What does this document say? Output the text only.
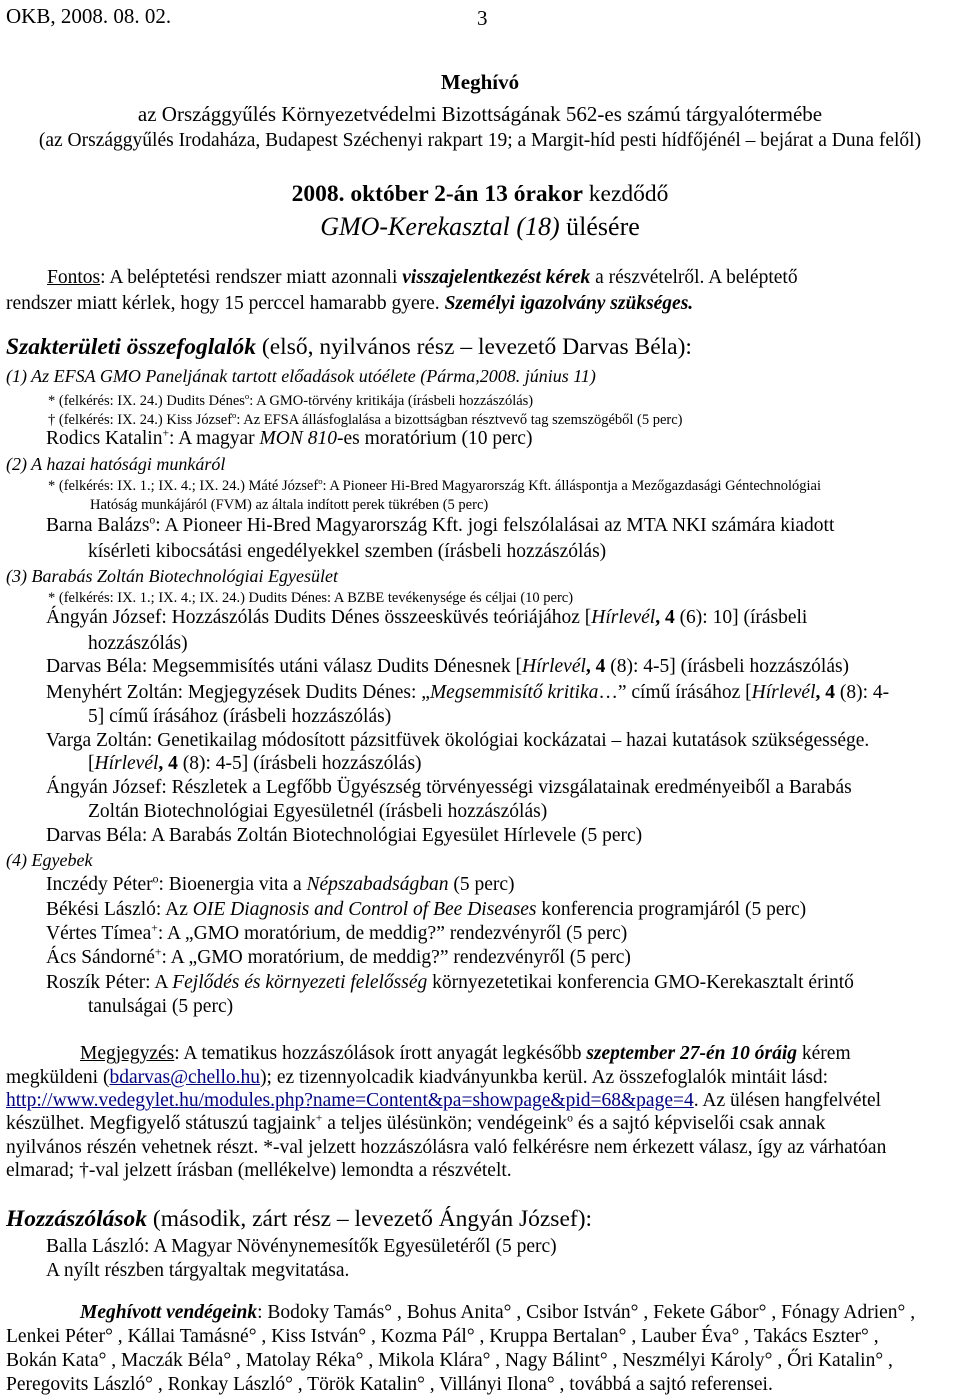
OKB, 2008. 08. 02.	3
Meghívó
az Országgyűlés Környezetvédelmi Bizottságának 562-es számú tárgyalótermébe
(az Országgyűlés Irodaháza, Budapest Széchenyi rakpart 19; a Margit-híd pesti hídfőjénél – bejárat a Duna felől)
2008. október 2-án 13 órakor kezdődő
GMO-Kerekasztal (18) ülésére
Fontos: A beléptetési rendszer miatt azonnali visszajelentkezést kérek a részvételről. A beléptető
rendszer miatt kérlek, hogy 15 perccel hamarabb gyere. Személyi igazolvány szükséges.
Szakterületi összefoglalók (első, nyilvános rész – levezető Darvas Béla):
(1) Az EFSA GMO Paneljának tartott előadások utóélete (Párma,2008. június 11)
* (felkérés: IX. 24.) Dudits Dénes$^o$: A GMO-törvény kritikája (írásbeli hozzászólás)
† (felkérés: IX. 24.) Kiss József$^o$: Az EFSA állásfoglalása a bizottságban résztvevő tag szemszögéből (5 perc)
Rodics Katalin+: A magyar MON 810-es moratórium (10 perc)
(2) A hazai hatósági munkáról
* (felkérés: IX. 1.; IX. 4.; IX. 24.) Máté József$^o$: A Pioneer Hi-Bred Magyarország Kft. álláspontja a Mezőgazdasági Géntechnológiai
Hatóság munkájáról (FVM) az általa indított perek tükrében (5 perc)
Barna Balázs$^o$: A Pioneer Hi-Bred Magyarország Kft. jogi felszólalásai az MTA NKI számára kiadott
kísérleti kibocsátási engedélyekkel szemben (írásbeli hozzászólás)
(3) Barabás Zoltán Biotechnológiai Egyesület
* (felkérés: IX. 1.; IX. 4.; IX. 24.) Dudits Dénes: A BZBE tevékenysége és céljai (10 perc)
Ángyán József: Hozzászólás Dudits Dénes összeesküvés teóriájához [Hírlevél, 4 (6): 10] (írásbeli
hozzászólás)
Darvas Béla: Megsemmisítés utáni válasz Dudits Dénesnek [Hírlevél, 4 (8): 4-5] (írásbeli hozzászólás)
Menyhért Zoltán: Megjegyzések Dudits Dénes: „Megsemmisítő kritika…” című írásához [Hírlevél, 4 (8): 4-
5] című írásához (írásbeli hozzászólás)
Varga Zoltán: Genetikailag módosított pázsitfüvek ökológiai kockázatai – hazai kutatások szükségessége.
[Hírlevél, 4 (8): 4-5] (írásbeli hozzászólás)
Ángyán József: Részletek a Legfőbb Ügyészség törvényességi vizsgálatainak eredményeiből a Barabás
Zoltán Biotechnológiai Egyesületnél (írásbeli hozzászólás)
Darvas Béla: A Barabás Zoltán Biotechnológiai Egyesület Hírlevele (5 perc)
(4) Egyebek
Inczédy Péter$^o$: Bioenergia vita a Népszabadságban (5 perc)
Békési László: Az OIE Diagnosis and Control of Bee Diseases konferencia programjáról (5 perc)
Vértes Tímea+: A „GMO moratórium, de meddig?” rendezvényről (5 perc)
Ács Sándorné+: A „GMO moratórium, de meddig?” rendezvényről (5 perc)
Roszík Péter: A Fejlődés és környezeti felelősség környezetetikai konferencia GMO-Kerekasztalt érintő
tanulságai (5 perc)
Megjegyzés: A tematikus hozzászólások írott anyagát legkésőbb szeptember 27-én 10 óráig kérem
megküldeni (bdarvas@chello.hu); ez tizennyolcadik kiadványunkba kerül. Az összefoglalók mintáit lásd:
http://www.vedegylet.hu/modules.php?name=Content&pa=showpage&pid=68&page=4. Az ülésen hangfelvétel
készülhet. Megfigyelő státuszú tagjaink+ a teljes ülésünkön; vendégeink$^o$ és a sajtó képviselői csak annak
nyilvános részén vehetnek részt. *-val jelzett hozzászólásra való felkérésre nem érkezett válasz, így az várhatóan
elmarad; †-val jelzett írásban (mellékelve) lemondta a részvételt.
Hozzászólások (második, zárt rész – levezető Ángyán József):
Balla László: A Magyar Növénynemesítők Egyesületéről (5 perc)
A nyílt részben tárgyaltak megvitatása.
Meghívott vendégeink: Bodoky Tamás° , Bohus Anita° , Csibor István° , Fekete Gábor° , Fónagy Adrien° ,
Lenkei Péter° , Kállai Tamásné° , Kiss István° , Kozma Pál° , Kruppa Bertalan° , Lauber Éva° , Takács Eszter° ,
Bokán Kata° , Maczák Béla° , Matolay Réka° , Mikola Klára° , Nagy Bálint° , Neszmélyi Károly° , Őri Katalin° ,
Peregovits László° , Ronkay László° , Török Katalin° , Villányi Ilona° , továbbá a sajtó referensei.
